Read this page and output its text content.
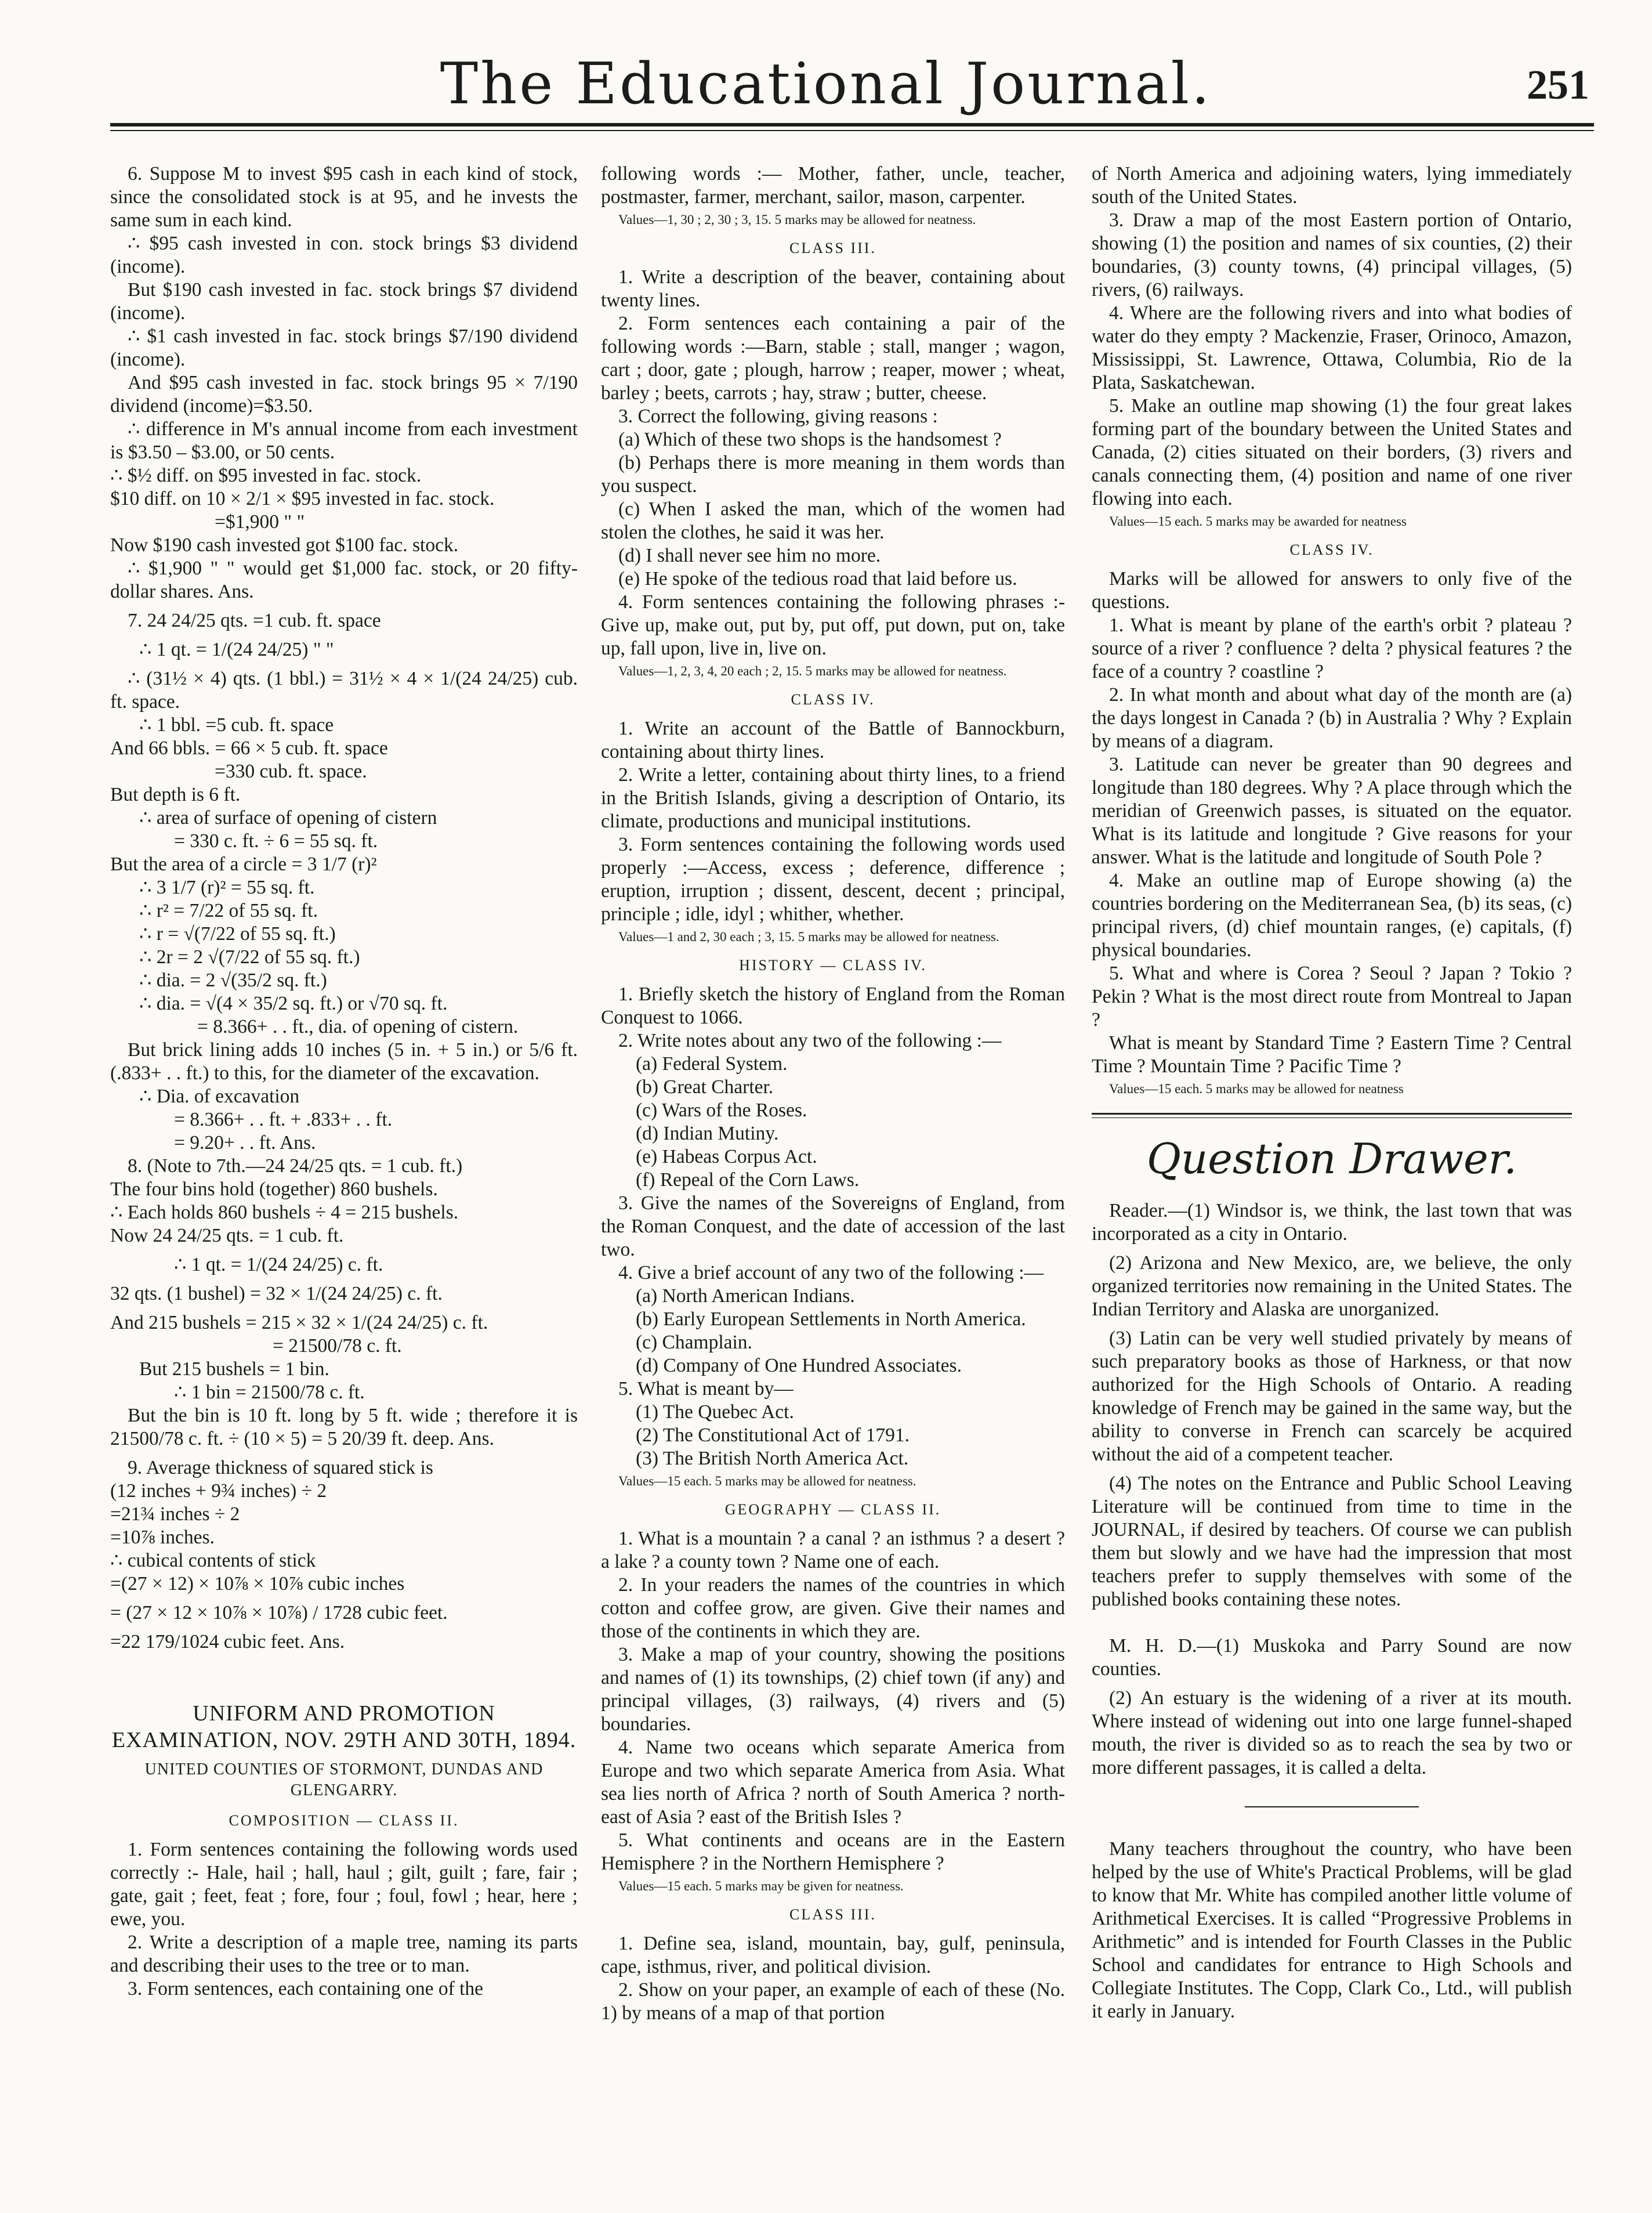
The Educational Journal.	251

6. Suppose M to invest $95 cash in each kind of stock, since the consolidated stock is at 95, and he invests the same sum in each kind.

∴ $95 cash invested in con. stock brings $3 dividend (income).

But $190 cash invested in fac. stock brings $7 dividend (income).

∴ $1 cash invested in fac. stock brings $7/190 dividend (income).

And $95 cash invested in fac. stock brings 95 × 7/190 dividend (income)=$3.50.

∴ difference in M's annual income from each investment is $3.50 – $3.00, or 50 cents.

∴ $½ diff. on $95 invested in fac. stock.

$10 diff. on 10 × 2/1 × $95 invested in fac. stock.

=$1,900 " "

Now $190 cash invested got $100 fac. stock.

∴ $1,900 " " would get $1,000 fac. stock, or 20 fifty-dollar shares. Ans.

7. 24 24/25 qts. =1 cub. ft. space

∴ 1 qt. = 1/(24 24/25) " "

∴ (31½ × 4) qts. (1 bbl.) = 31½ × 4 × 1/(24 24/25) cub. ft. space.

∴ 1 bbl. =5 cub. ft. space

And 66 bbls. = 66 × 5 cub. ft. space

=330 cub. ft. space.

But depth is 6 ft.

∴ area of surface of opening of cistern

= 330 c. ft. ÷ 6 = 55 sq. ft.

But the area of a circle = 3 1/7 (r)²

∴ 3 1/7 (r)² = 55 sq. ft.

∴ r² = 7/22 of 55 sq. ft.

∴ r = √(7/22 of 55 sq. ft.)

∴ 2r = 2 √(7/22 of 55 sq. ft.)

∴ dia. = 2 √(35/2 sq. ft.)

∴ dia. = √(4 × 35/2 sq. ft.) or √70 sq. ft.

= 8.366+ . . ft., dia. of opening of cistern.

But brick lining adds 10 inches (5 in. + 5 in.) or 5/6 ft. (.833+ . . ft.) to this, for the diameter of the excavation.

∴ Dia. of excavation

= 8.366+ . . ft. + .833+ . . ft.

= 9.20+ . . ft. Ans.

8. (Note to 7th.—24 24/25 qts. = 1 cub. ft.)

The four bins hold (together) 860 bushels.

∴ Each holds 860 bushels ÷ 4 = 215 bushels.

Now 24 24/25 qts. = 1 cub. ft.

∴ 1 qt. = 1/(24 24/25) c. ft.

32 qts. (1 bushel) = 32 × 1/(24 24/25) c. ft.

And 215 bushels = 215 × 32 × 1/(24 24/25) c. ft.

= 21500/78 c. ft.

But 215 bushels = 1 bin.

∴ 1 bin = 21500/78 c. ft.

But the bin is 10 ft. long by 5 ft. wide ; therefore it is 21500/78 c. ft. ÷ (10 × 5) = 5 20/39 ft. deep. Ans.

9. Average thickness of squared stick is

(12 inches + 9¾ inches) ÷ 2

=21¾ inches ÷ 2

=10⅞ inches.

∴ cubical contents of stick

=(27 × 12) × 10⅞ × 10⅞ cubic inches

= (27 × 12 × 10⅞ × 10⅞) / 1728 cubic feet.

=22 179/1024 cubic feet. Ans.

UNIFORM AND PROMOTION EXAMINATION, NOV. 29TH AND 30TH, 1894.

UNITED COUNTIES OF STORMONT, DUNDAS AND GLENGARRY.

COMPOSITION — CLASS II.

1. Form sentences containing the following words used correctly :- Hale, hail ; hall, haul ; gilt, guilt ; fare, fair ; gate, gait ; feet, feat ; fore, four ; foul, fowl ; hear, here ; ewe, you.

2. Write a description of a maple tree, naming its parts and describing their uses to the tree or to man.

3. Form sentences, each containing one of the

following words :— Mother, father, uncle, teacher, postmaster, farmer, merchant, sailor, mason, carpenter.

Values—1, 30 ; 2, 30 ; 3, 15. 5 marks may be allowed for neatness.

CLASS III.

1. Write a description of the beaver, containing about twenty lines.

2. Form sentences each containing a pair of the following words :—Barn, stable ; stall, manger ; wagon, cart ; door, gate ; plough, harrow ; reaper, mower ; wheat, barley ; beets, carrots ; hay, straw ; butter, cheese.

3. Correct the following, giving reasons :

(a) Which of these two shops is the handsomest ?

(b) Perhaps there is more meaning in them words than you suspect.

(c) When I asked the man, which of the women had stolen the clothes, he said it was her.

(d) I shall never see him no more.

(e) He spoke of the tedious road that laid before us.

4. Form sentences containing the following phrases :- Give up, make out, put by, put off, put down, put on, take up, fall upon, live in, live on.

Values—1, 2, 3, 4, 20 each ; 2, 15. 5 marks may be allowed for neatness.

CLASS IV.

1. Write an account of the Battle of Bannockburn, containing about thirty lines.

2. Write a letter, containing about thirty lines, to a friend in the British Islands, giving a description of Ontario, its climate, productions and municipal institutions.

3. Form sentences containing the following words used properly :—Access, excess ; deference, difference ; eruption, irruption ; dissent, descent, decent ; principal, principle ; idle, idyl ; whither, whether.

Values—1 and 2, 30 each ; 3, 15. 5 marks may be allowed for neatness.

HISTORY — CLASS IV.

1. Briefly sketch the history of England from the Roman Conquest to 1066.

2. Write notes about any two of the following :—

(a) Federal System.

(b) Great Charter.

(c) Wars of the Roses.

(d) Indian Mutiny.

(e) Habeas Corpus Act.

(f) Repeal of the Corn Laws.

3. Give the names of the Sovereigns of England, from the Roman Conquest, and the date of accession of the last two.

4. Give a brief account of any two of the following :—

(a) North American Indians.

(b) Early European Settlements in North America.

(c) Champlain.

(d) Company of One Hundred Associates.

5. What is meant by—

(1) The Quebec Act.

(2) The Constitutional Act of 1791.

(3) The British North America Act.

Values—15 each. 5 marks may be allowed for neatness.

GEOGRAPHY — CLASS II.

1. What is a mountain ? a canal ? an isthmus ? a desert ? a lake ? a county town ? Name one of each.

2. In your readers the names of the countries in which cotton and coffee grow, are given. Give their names and those of the continents in which they are.

3. Make a map of your country, showing the positions and names of (1) its townships, (2) chief town (if any) and principal villages, (3) railways, (4) rivers and (5) boundaries.

4. Name two oceans which separate America from Europe and two which separate America from Asia. What sea lies north of Africa ? north of South America ? north-east of Asia ? east of the British Isles ?

5. What continents and oceans are in the Eastern Hemisphere ? in the Northern Hemisphere ?

Values—15 each. 5 marks may be given for neatness.

CLASS III.

1. Define sea, island, mountain, bay, gulf, peninsula, cape, isthmus, river, and political division.

2. Show on your paper, an example of each of these (No. 1) by means of a map of that portion

of North America and adjoining waters, lying immediately south of the United States.

3. Draw a map of the most Eastern portion of Ontario, showing (1) the position and names of six counties, (2) their boundaries, (3) county towns, (4) principal villages, (5) rivers, (6) railways.

4. Where are the following rivers and into what bodies of water do they empty ? Mackenzie, Fraser, Orinoco, Amazon, Mississippi, St. Lawrence, Ottawa, Columbia, Rio de la Plata, Saskatchewan.

5. Make an outline map showing (1) the four great lakes forming part of the boundary between the United States and Canada, (2) cities situated on their borders, (3) rivers and canals connecting them, (4) position and name of one river flowing into each.

Values—15 each. 5 marks may be awarded for neatness

CLASS IV.

Marks will be allowed for answers to only five of the questions.

1. What is meant by plane of the earth's orbit ? plateau ? source of a river ? confluence ? delta ? physical features ? the face of a country ? coastline ?

2. In what month and about what day of the month are (a) the days longest in Canada ? (b) in Australia ? Why ? Explain by means of a diagram.

3. Latitude can never be greater than 90 degrees and longitude than 180 degrees. Why ? A place through which the meridian of Greenwich passes, is situated on the equator. What is its latitude and longitude ? Give reasons for your answer. What is the latitude and longitude of South Pole ?

4. Make an outline map of Europe showing (a) the countries bordering on the Mediterranean Sea, (b) its seas, (c) principal rivers, (d) chief mountain ranges, (e) capitals, (f) physical boundaries.

5. What and where is Corea ? Seoul ? Japan ? Tokio ? Pekin ? What is the most direct route from Montreal to Japan ?

What is meant by Standard Time ? Eastern Time ? Central Time ? Mountain Time ? Pacific Time ?

Values—15 each. 5 marks may be allowed for neatness

Question Drawer.

Reader.—(1) Windsor is, we think, the last town that was incorporated as a city in Ontario.

(2) Arizona and New Mexico, are, we believe, the only organized territories now remaining in the United States. The Indian Territory and Alaska are unorganized.

(3) Latin can be very well studied privately by means of such preparatory books as those of Harkness, or that now authorized for the High Schools of Ontario. A reading knowledge of French may be gained in the same way, but the ability to converse in French can scarcely be acquired without the aid of a competent teacher.

(4) The notes on the Entrance and Public School Leaving Literature will be continued from time to time in the JOURNAL, if desired by teachers. Of course we can publish them but slowly and we have had the impression that most teachers prefer to supply themselves with some of the published books containing these notes.

M. H. D.—(1) Muskoka and Parry Sound are now counties.

(2) An estuary is the widening of a river at its mouth. Where instead of widening out into one large funnel-shaped mouth, the river is divided so as to reach the sea by two or more different passages, it is called a delta.

Many teachers throughout the country, who have been helped by the use of White's Practical Problems, will be glad to know that Mr. White has compiled another little volume of Arithmetical Exercises. It is called “Progressive Problems in Arithmetic” and is intended for Fourth Classes in the Public School and candidates for entrance to High Schools and Collegiate Institutes. The Copp, Clark Co., Ltd., will publish it early in January.
